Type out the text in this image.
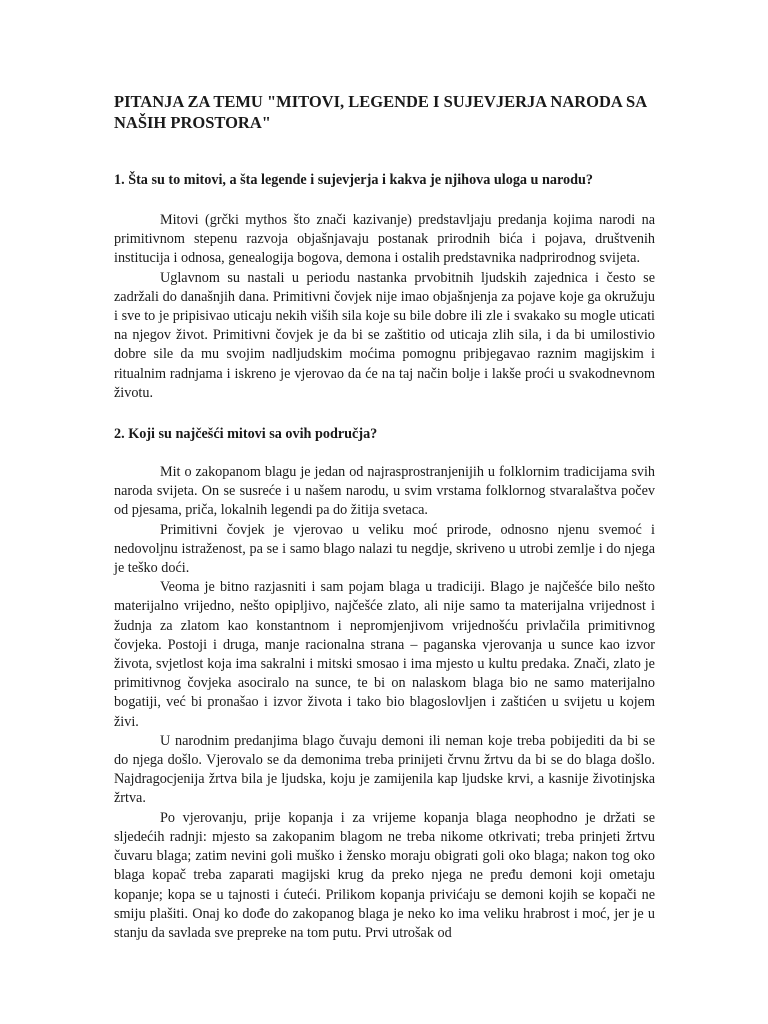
PITANJA ZA TEMU "MITOVI, LEGENDE I SUJEVJERJA NARODA SA NAŠIH PROSTORA"

1. Šta su to mitovi, a šta legende i sujevjerja i kakva je njihova uloga u narodu?

Mitovi (grčki mythos što znači kazivanje) predstavljaju predanja kojima narodi na primitivnom stepenu razvoja objašnjavaju postanak prirodnih bića i pojava, društvenih institucija i odnosa, genealogija bogova, demona i ostalih predstavnika nadprirodnog svijeta.

Uglavnom su nastali u periodu nastanka prvobitnih ljudskih zajednica i često se zadržali do današnjih dana. Primitivni čovjek nije imao objašnjenja za pojave koje ga okružuju i sve to je pripisivao uticaju nekih viših sila koje su bile dobre ili zle i svakako su mogle uticati na njegov život. Primitivni čovjek je da bi se zaštitio od uticaja zlih sila, i da bi umilostivio dobre sile da mu svojim nadljudskim moćima pomognu pribjegavao raznim magijskim i ritualnim radnjama i iskreno je vjerovao da će na taj način bolje i lakše proći u svakodnevnom životu.

2. Koji su najčešći mitovi sa ovih područja?

Mit o zakopanom blagu je jedan od najrasprostranjenijih u folklornim tradicijama svih naroda svijeta. On se susreće i u našem narodu, u svim vrstama folklornog stvaralaštva počev od pjesama, priča, lokalnih legendi pa do žitija svetaca.

Primitivni čovjek je vjerovao u veliku moć prirode, odnosno njenu svemoć i nedovoljnu istraženost, pa se i samo blago nalazi tu negdje, skriveno u utrobi zemlje i do njega je teško doći.

Veoma je bitno razjasniti i sam pojam blaga u tradiciji. Blago je najčešće bilo nešto materijalno vrijedno, nešto opipljivo, najčešće zlato, ali nije samo ta materijalna vrijednost i žudnja za zlatom kao konstantnom i nepromjenjivom vrijednošću privlačila primitivnog čovjeka. Postoji i druga, manje racionalna strana – paganska vjerovanja u sunce kao izvor života, svjetlost koja ima sakralni i mitski smosao i ima mjesto u kultu predaka. Znači, zlato je primitivnog čovjeka asociralo na sunce, te bi on nalaskom blaga bio ne samo materijalno bogatiji, već bi pronašao i izvor života i tako bio blagoslovljen i zaštićen u svijetu u kojem živi.

U narodnim predanjima blago čuvaju demoni ili neman koje treba pobijediti da bi se do njega došlo. Vjerovalo se da demonima treba prinijeti črvnu žrtvu da bi se do blaga došlo. Najdragocjenija žrtva bila je ljudska, koju je zamijenila kap ljudske krvi, a kasnije životinjska žrtva.

Po vjerovanju, prije kopanja i za vrijeme kopanja blaga neophodno je držati se sljedećih radnji: mjesto sa zakopanim blagom ne treba nikome otkrivati; treba prinjeti žrtvu čuvaru blaga; zatim nevini goli muško i žensko moraju obigrati goli oko blaga; nakon tog oko blaga kopač treba zaparati magijski krug da preko njega ne pređu demoni koji ometaju kopanje; kopa se u tajnosti i ćuteći. Prilikom kopanja privićaju se demoni kojih se kopači ne smiju plašiti. Onaj ko dođe do zakopanog blaga je neko ko ima veliku hrabrost i moć, jer je u stanju da savlada sve prepreke na tom putu. Prvi utrošak od
